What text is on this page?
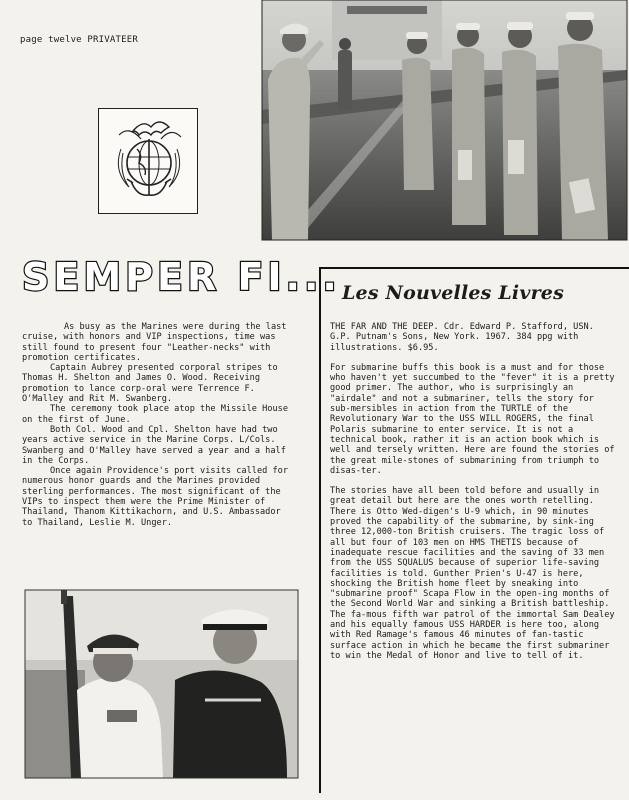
page twelve PRIVATEER
SEMPER FI...

As busy as the Marines were during the last cruise, with honors and VIP inspections, time was still found to present four "Leather-necks" with promotion certificates.

Captain Aubrey presented corporal stripes to Thomas H. Shelton and James O. Wood. Receiving promotion to lance corp-oral were Terrence F. O'Malley and Rit M. Swanberg.

The ceremony took place atop the Missile House on the first of June.

Both Col. Wood and Cpl. Shelton have had two years active service in the Marine Corps. L/Cols. Swanberg and O'Malley have served a year and a half in the Corps.

Once again Providence's port visits called for numerous honor guards and the Marines provided sterling performances. The most significant of the VIPs to inspect them were the Prime Minister of Thailand, Thanom Kittikachorn, and U.S. Ambassador to Thailand, Leslie M. Unger.

Les Nouvelles Livres

THE FAR AND THE DEEP. Cdr. Edward P. Stafford, USN. G.P. Putnam's Sons, New York. 1967. 384 ppg with illustrations. $6.95.

For submarine buffs this book is a must and for those who haven't yet succumbed to the "fever" it is a pretty good primer. The author, who is surprisingly an "airdale" and not a submariner, tells the story for sub-mersibles in action from the TURTLE of the Revolutionary War to the USS WILL ROGERS, the final Polaris submarine to enter service. It is not a technical book, rather it is an action book which is well and tersely written. Here are found the stories of the great mile-stones of submarining from triumph to disas-ter.

The stories have all been told before and usually in great detail but here are the ones worth retelling. There is Otto Wed-digen's U-9 which, in 90 minutes proved the capability of the submarine, by sink-ing three 12,000-ton British cruisers. The tragic loss of all but four of 103 men on HMS THETIS because of inadequate rescue facilities and the saving of 33 men from the USS SQUALUS because of superior life-saving facilities is told. Gunther Prien's U-47 is here, shocking the British home fleet by sneaking into "submarine proof" Scapa Flow in the open-ing months of the Second World War and sinking a British battleship. The fa-mous fifth war patrol of the immortal Sam Dealey and his equally famous USS HARDER is here too, along with Red Ramage's famous 46 minutes of fan-tastic surface action in which he became the first submariner to win the Medal of Honor and live to tell of it.
